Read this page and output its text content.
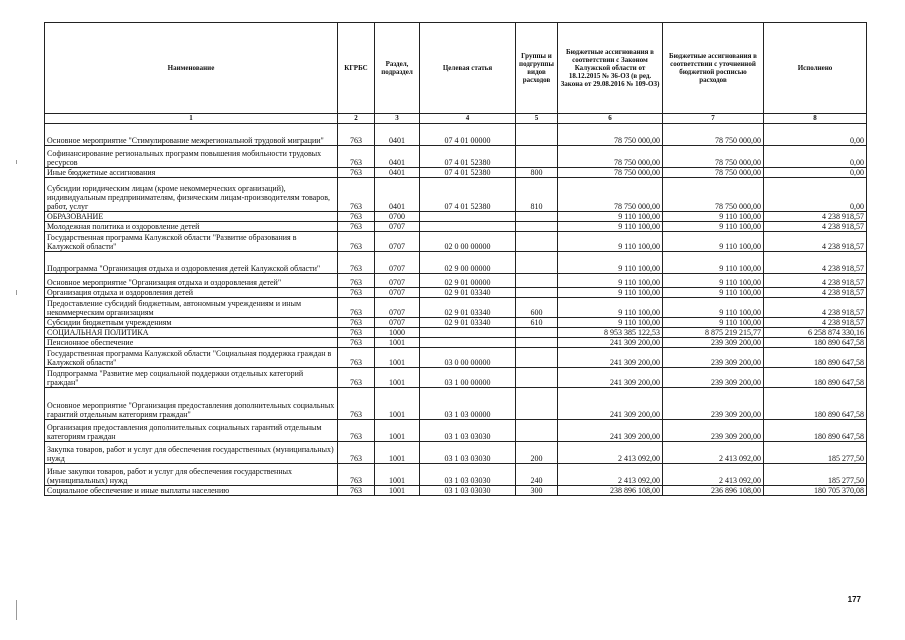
Наименование	КГРБС	Раздел, подраздел	Целевая статья	Группы и подгруппы видов расходов	Бюджетные ассигнования в соответствии с Законом Калужской области от 18.12.2015 № 36-ОЗ (в ред. Закона от 29.08.2016 № 109-ОЗ)	Бюджетные ассигнования в соответствии с уточненной бюджетной росписью расходов	Исполнено
1	2	3	4	5	6	7	8
Основное мероприятие "Стимулирование межрегиональной трудовой миграции"	763	0401	07 4 01 00000		78 750 000,00	78 750 000,00	0,00
Софинансирование региональных программ повышения мобильности трудовых ресурсов	763	0401	07 4 01 52380		78 750 000,00	78 750 000,00	0,00
Иные бюджетные ассигнования	763	0401	07 4 01 52380	800	78 750 000,00	78 750 000,00	0,00
Субсидии юридическим лицам (кроме некоммерческих организаций), индивидуальным предпринимателям, физическим лицам-производителям товаров, работ, услуг	763	0401	07 4 01 52380	810	78 750 000,00	78 750 000,00	0,00
ОБРАЗОВАНИЕ	763	0700			9 110 100,00	9 110 100,00	4 238 918,57
Молодежная политика и оздоровление детей	763	0707			9 110 100,00	9 110 100,00	4 238 918,57
Государственная программа Калужской области "Развитие образования в Калужской области"	763	0707	02 0 00 00000		9 110 100,00	9 110 100,00	4 238 918,57
Подпрограмма "Организация отдыха и оздоровления детей Калужской области"	763	0707	02 9 00 00000		9 110 100,00	9 110 100,00	4 238 918,57
Основное мероприятие "Организация отдыха и оздоровления детей"	763	0707	02 9 01 00000		9 110 100,00	9 110 100,00	4 238 918,57
Организация отдыха и оздоровления детей	763	0707	02 9 01 03340		9 110 100,00	9 110 100,00	4 238 918,57
Предоставление субсидий бюджетным, автономным учреждениям и иным некоммерческим организациям	763	0707	02 9 01 03340	600	9 110 100,00	9 110 100,00	4 238 918,57
Субсидии бюджетным учреждениям	763	0707	02 9 01 03340	610	9 110 100,00	9 110 100,00	4 238 918,57
СОЦИАЛЬНАЯ ПОЛИТИКА	763	1000			8 953 385 122,53	8 875 219 215,77	6 258 874 330,16
Пенсионное обеспечение	763	1001			241 309 200,00	239 309 200,00	180 890 647,58
Государственная программа Калужской области "Социальная поддержка граждан в Калужской области"	763	1001	03 0 00 00000		241 309 200,00	239 309 200,00	180 890 647,58
Подпрограмма "Развитие мер социальной поддержки отдельных категорий граждан"	763	1001	03 1 00 00000		241 309 200,00	239 309 200,00	180 890 647,58
Основное мероприятие "Организация предоставления дополнительных социальных гарантий отдельным категориям граждан"	763	1001	03 1 03 00000		241 309 200,00	239 309 200,00	180 890 647,58
Организация предоставления дополнительных социальных гарантий отдельным категориям граждан	763	1001	03 1 03 03030		241 309 200,00	239 309 200,00	180 890 647,58
Закупка товаров, работ и услуг для обеспечения государственных (муниципальных) нужд	763	1001	03 1 03 03030	200	2 413 092,00	2 413 092,00	185 277,50
Иные закупки товаров, работ и услуг для обеспечения государственных (муниципальных) нужд	763	1001	03 1 03 03030	240	2 413 092,00	2 413 092,00	185 277,50
Социальное обеспечение и иные выплаты населению	763	1001	03 1 03 03030	300	238 896 108,00	236 896 108,00	180 705 370,08
177
